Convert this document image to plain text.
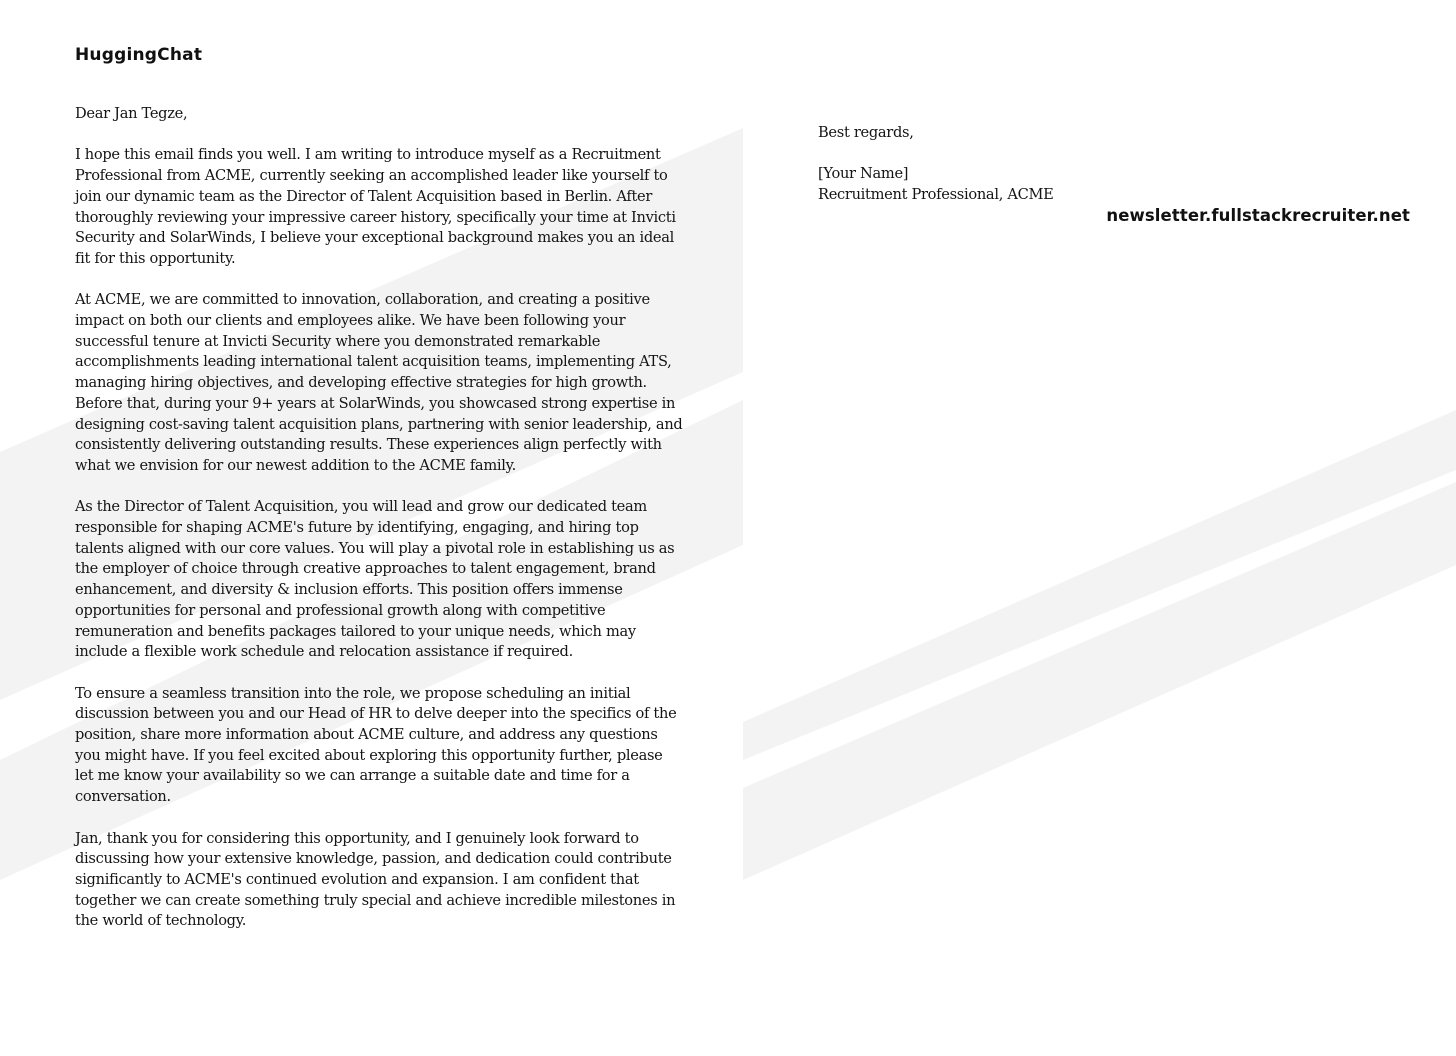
HuggingChat

Dear Jan Tegze,

I hope this email finds you well. I am writing to introduce myself as a Recruitment Professional from ACME, currently seeking an accomplished leader like yourself to join our dynamic team as the Director of Talent Acquisition based in Berlin. After thoroughly reviewing your impressive career history, specifically your time at Invicti Security and SolarWinds, I believe your exceptional background makes you an ideal fit for this opportunity.

At ACME, we are committed to innovation, collaboration, and creating a positive impact on both our clients and employees alike. We have been following your successful tenure at Invicti Security where you demonstrated remarkable accomplishments leading international talent acquisition teams, implementing ATS, managing hiring objectives, and developing effective strategies for high growth. Before that, during your 9+ years at SolarWinds, you showcased strong expertise in designing cost-saving talent acquisition plans, partnering with senior leadership, and consistently delivering outstanding results. These experiences align perfectly with what we envision for our newest addition to the ACME family.

As the Director of Talent Acquisition, you will lead and grow our dedicated team responsible for shaping ACME's future by identifying, engaging, and hiring top talents aligned with our core values. You will play a pivotal role in establishing us as the employer of choice through creative approaches to talent engagement, brand enhancement, and diversity & inclusion efforts. This position offers immense opportunities for personal and professional growth along with competitive remuneration and benefits packages tailored to your unique needs, which may include a flexible work schedule and relocation assistance if required.

To ensure a seamless transition into the role, we propose scheduling an initial discussion between you and our Head of HR to delve deeper into the specifics of the position, share more information about ACME culture, and address any questions you might have. If you feel excited about exploring this opportunity further, please let me know your availability so we can arrange a suitable date and time for a conversation.

Jan, thank you for considering this opportunity, and I genuinely look forward to discussing how your extensive knowledge, passion, and dedication could contribute significantly to ACME's continued evolution and expansion. I am confident that together we can create something truly special and achieve incredible milestones in the world of technology.

Best regards,

[Your Name]
Recruitment Professional, ACME
newsletter.fullstackrecruiter.net
